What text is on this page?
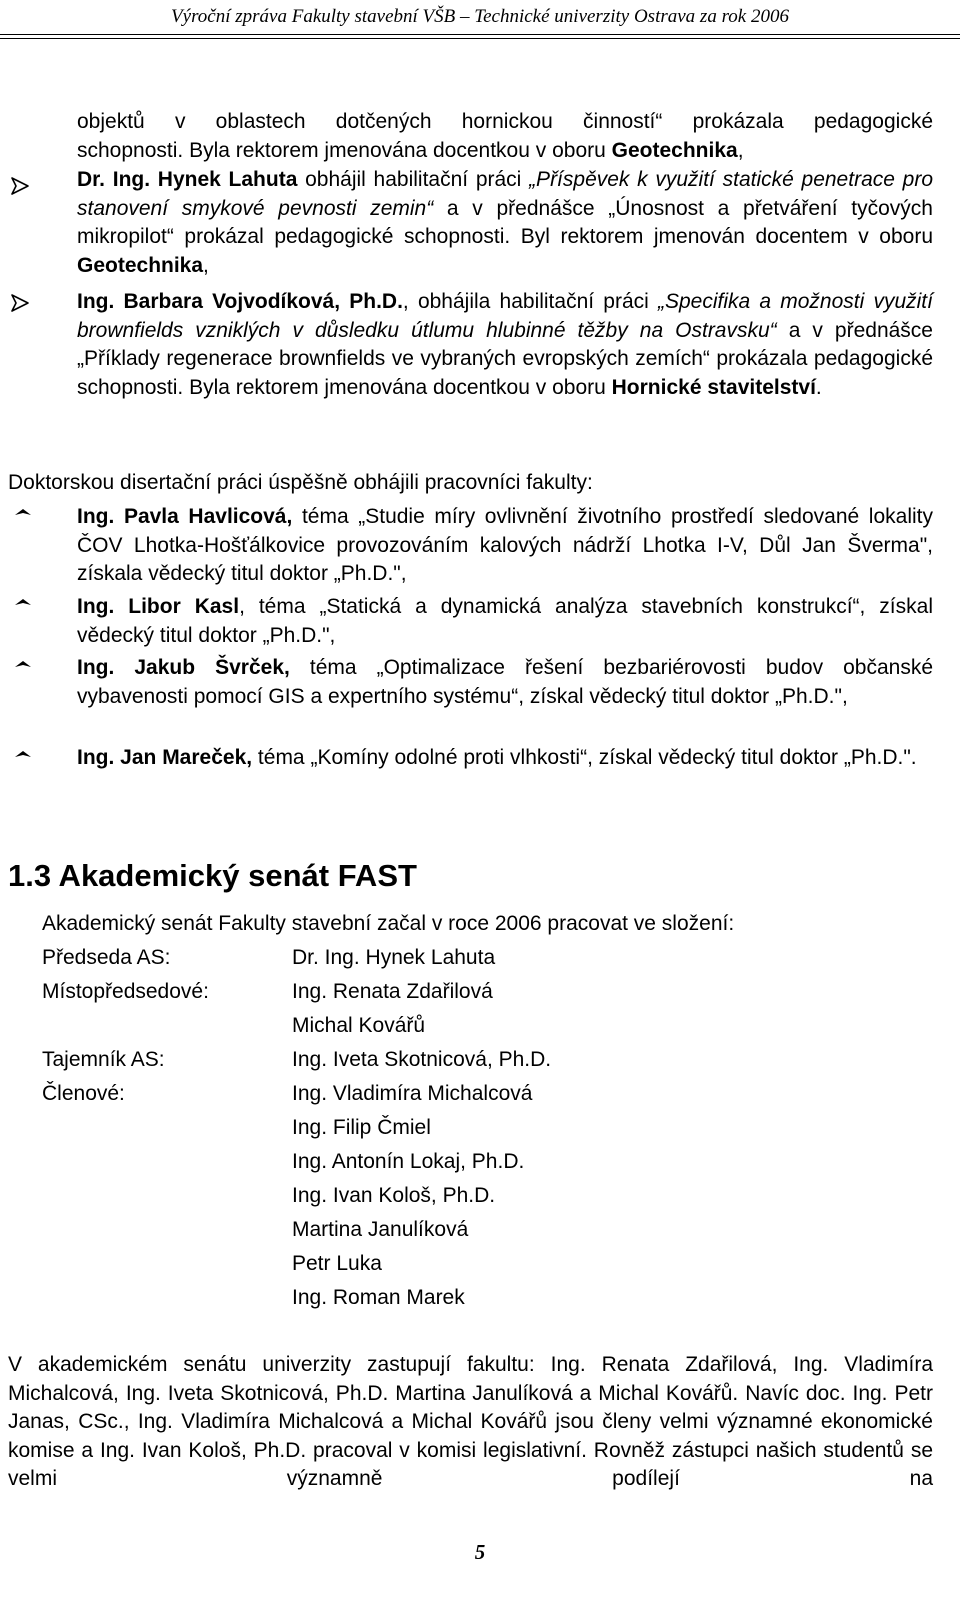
Výroční zpráva Fakulty stavební VŠB – Technické univerzity Ostrava za rok 2006
objektů v oblastech dotčených hornickou činností“ prokázala pedagogické
schopnosti. Byla rektorem jmenována docentkou v oboru Geotechnika,
Dr. Ing. Hynek Lahuta obhájil habilitační práci „Příspěvek k využití statické penetrace pro stanovení smykové pevnosti zemin“ a v přednášce „Únosnost a přetváření tyčových mikropilot“ prokázal pedagogické schopnosti. Byl rektorem jmenován docentem v oboru Geotechnika,
Ing. Barbara Vojvodíková, Ph.D., obhájila habilitační práci „Specifika a možnosti využití brownfields vzniklých v důsledku útlumu hlubinné těžby na Ostravsku“ a v přednášce „Příklady regenerace brownfields ve vybraných evropských zemích“ prokázala pedagogické schopnosti. Byla rektorem jmenována docentkou v oboru Hornické stavitelství.
Doktorskou disertační práci úspěšně obhájili pracovníci fakulty:
Ing. Pavla Havlicová, téma „Studie míry ovlivnění životního prostředí sledované lokality ČOV Lhotka-Hošťálkovice provozováním kalových nádrží Lhotka I-V, Důl Jan Šverma", získala vědecký titul doktor „Ph.D.",
Ing. Libor Kasl, téma „Statická a dynamická analýza stavebních konstrukcí“, získal vědecký titul doktor „Ph.D.",
Ing. Jakub Švrček, téma „Optimalizace řešení bezbariérovosti budov občanské vybavenosti pomocí GIS a expertního systému“, získal vědecký titul doktor „Ph.D.",
Ing. Jan Mareček, téma „Komíny odolné proti vlhkosti“, získal vědecký titul doktor „Ph.D.".
1.3 Akademický senát FAST
Akademický senát Fakulty stavební začal v roce 2006 pracovat ve složení:
Předseda AS:	Dr. Ing. Hynek Lahuta
Místopředsedové:	Ing. Renata Zdařilová
Michal Kovářů
Tajemník AS:	Ing. Iveta Skotnicová, Ph.D.
Členové:	Ing. Vladimíra Michalcová
Ing. Filip Čmiel
Ing. Antonín Lokaj, Ph.D.
Ing. Ivan Kološ, Ph.D.
Martina Janulíková
Petr Luka
Ing. Roman Marek
V akademickém senátu univerzity zastupují fakultu: Ing. Renata Zdařilová, Ing. Vladimíra Michalcová, Ing. Iveta Skotnicová, Ph.D. Martina Janulíková a Michal Kovářů. Navíc doc. Ing. Petr Janas, CSc., Ing. Vladimíra Michalcová a Michal Kovářů jsou členy velmi významné ekonomické komise a Ing. Ivan Kološ, Ph.D. pracoval v komisi legislativní. Rovněž zástupci našich studentů se velmi významně podílejí na
5
